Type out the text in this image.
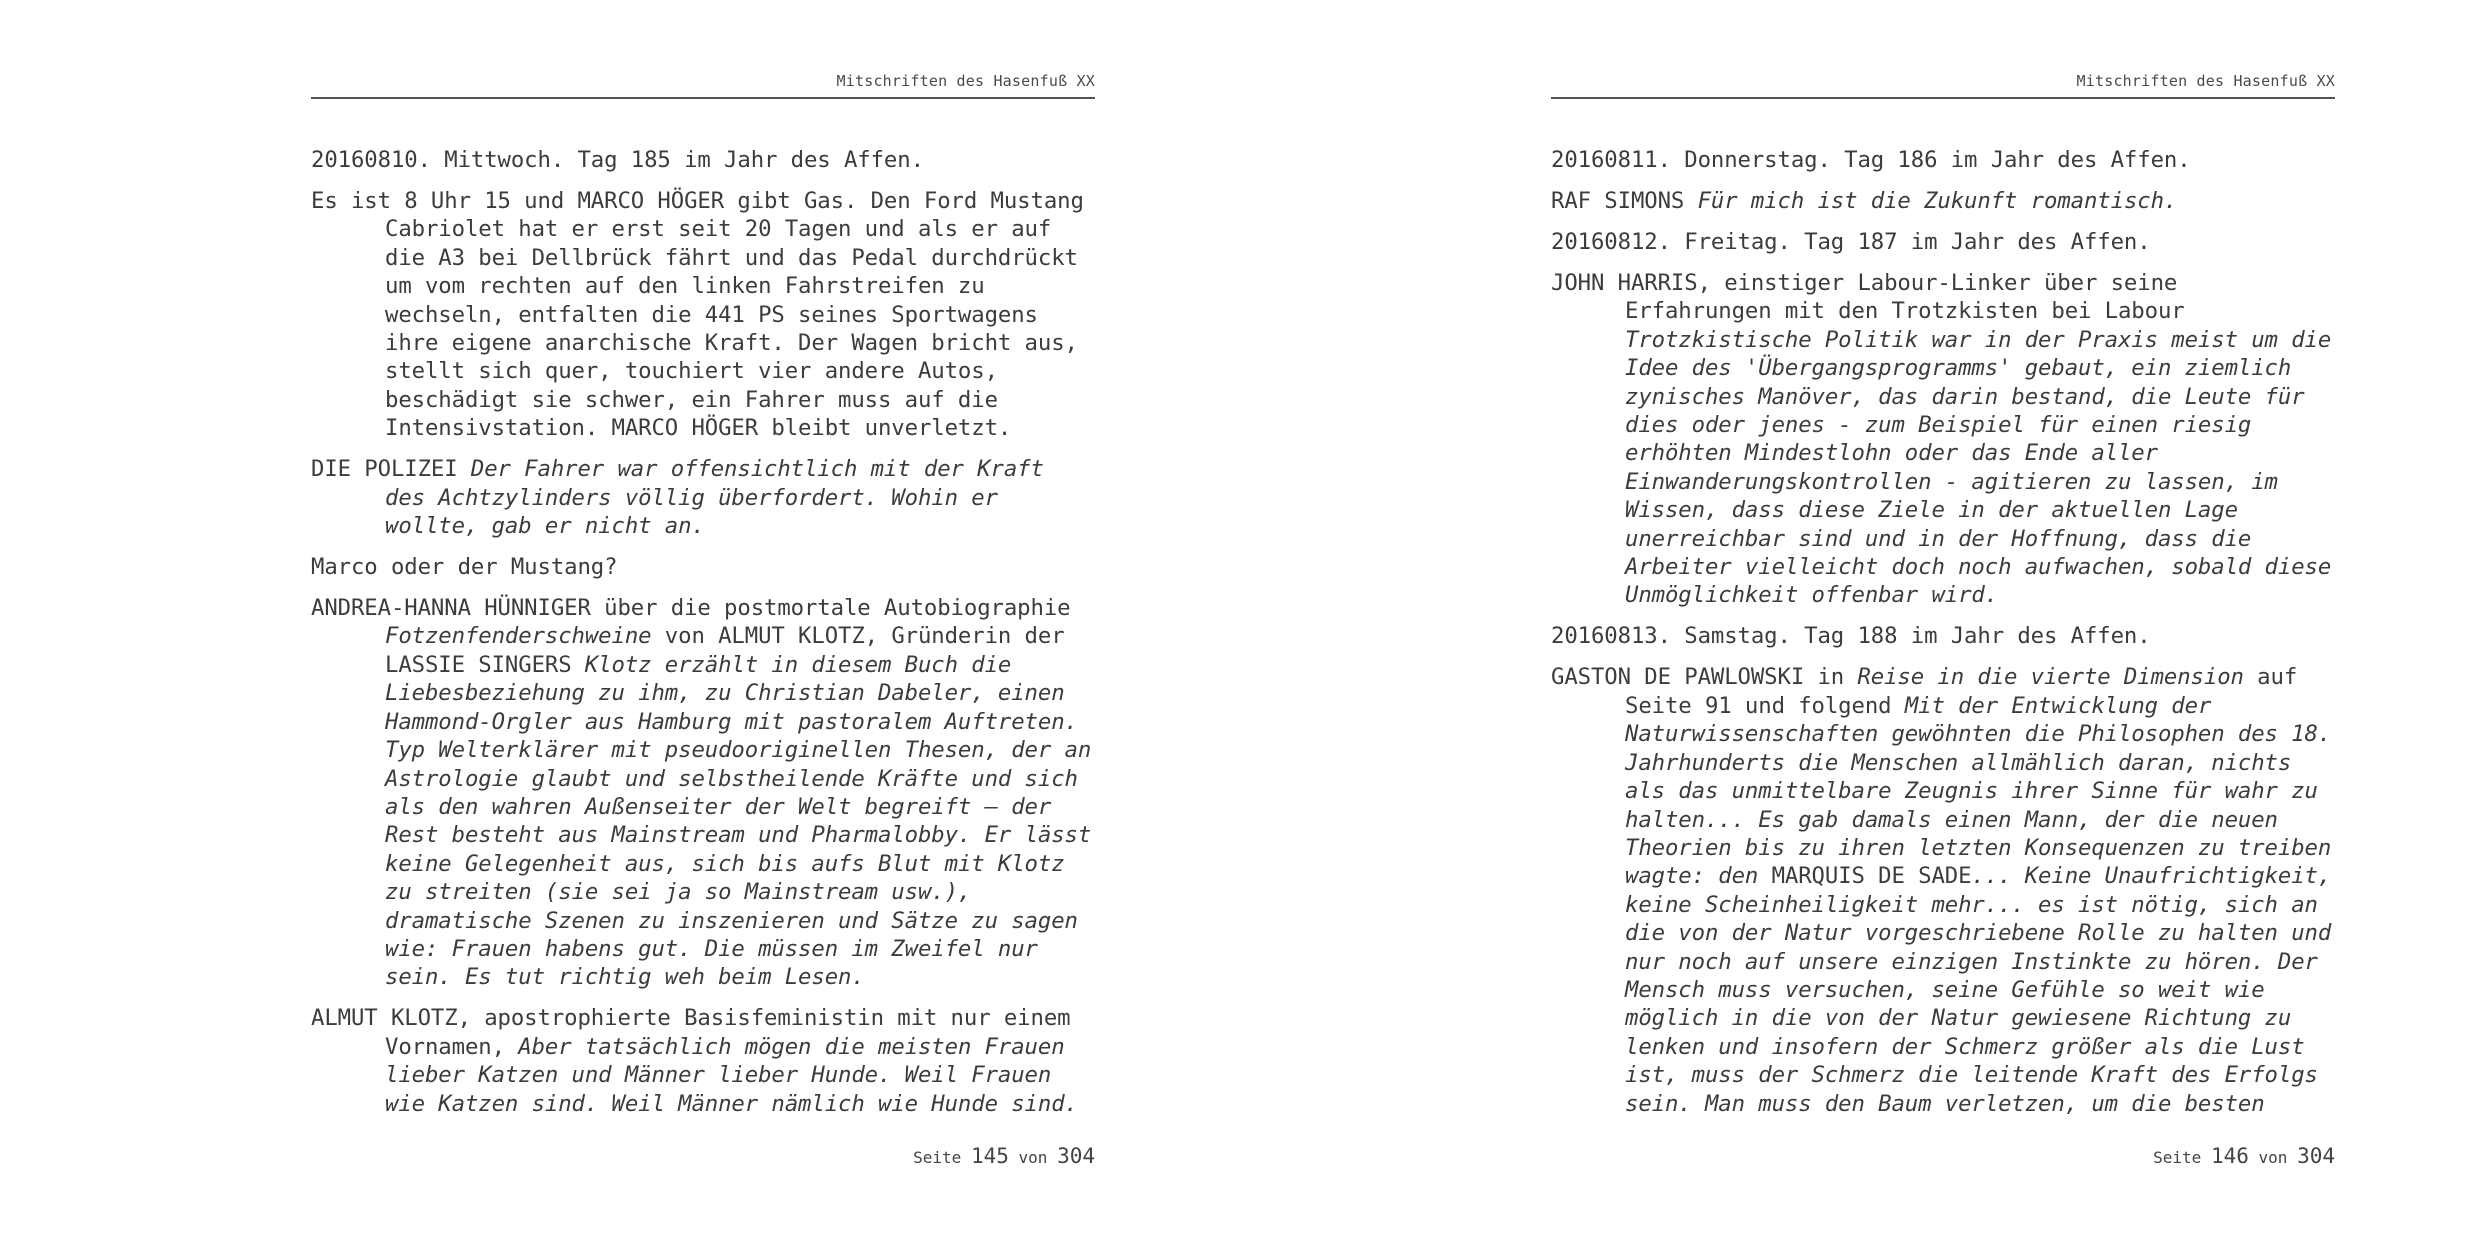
Mitschriften des Hasenfuß XX

20160810. Mittwoch. Tag 185 im Jahr des Affen.

Es ist 8 Uhr 15 und MARCO HÖGER gibt Gas. Den Ford Mustang Cabriolet hat er erst seit 20 Tagen und als er auf die A3 bei Dellbrück fährt und das Pedal durchdrückt um vom rechten auf den linken Fahrstreifen zu wechseln, entfalten die 441 PS seines Sportwagens ihre eigene anarchische Kraft. Der Wagen bricht aus, stellt sich quer, touchiert vier andere Autos, beschädigt sie schwer, ein Fahrer muss auf die Intensivstation. MARCO HÖGER bleibt unverletzt.

DIE POLIZEI Der Fahrer war offensichtlich mit der Kraft des Achtzylinders völlig überfordert. Wohin er wollte, gab er nicht an.

Marco oder der Mustang?

ANDREA-HANNA HÜNNIGER über die postmortale Autobiographie Fotzenfenderschweine von ALMUT KLOTZ, Gründerin der LASSIE SINGERS Klotz erzählt in diesem Buch die Liebesbeziehung zu ihm, zu Christian Dabeler, einen Hammond-Orgler aus Hamburg mit pastoralem Auftreten. Typ Welterklärer mit pseudooriginellen Thesen, der an Astrologie glaubt und selbstheilende Kräfte und sich als den wahren Außenseiter der Welt begreift – der Rest besteht aus Mainstream und Pharmalobby. Er lässt keine Gelegenheit aus, sich bis aufs Blut mit Klotz zu streiten (sie sei ja so Mainstream usw.), dramatische Szenen zu inszenieren und Sätze zu sagen wie: Frauen habens gut. Die müssen im Zweifel nur sein. Es tut richtig weh beim Lesen.

ALMUT KLOTZ, apostrophierte Basisfeministin mit nur einem Vornamen, Aber tatsächlich mögen die meisten Frauen lieber Katzen und Männer lieber Hunde. Weil Frauen wie Katzen sind. Weil Männer nämlich wie Hunde sind.

Seite 145 von 304
Mitschriften des Hasenfuß XX

20160811. Donnerstag. Tag 186 im Jahr des Affen.

RAF SIMONS Für mich ist die Zukunft romantisch.

20160812. Freitag. Tag 187 im Jahr des Affen.

JOHN HARRIS, einstiger Labour-Linker über seine Erfahrungen mit den Trotzkisten bei Labour Trotzkistische Politik war in der Praxis meist um die Idee des 'Übergangsprogramms' gebaut, ein ziemlich zynisches Manöver, das darin bestand, die Leute für dies oder jenes - zum Beispiel für einen riesig erhöhten Mindestlohn oder das Ende aller Einwanderungskontrollen - agitieren zu lassen, im Wissen, dass diese Ziele in der aktuellen Lage unerreichbar sind und in der Hoffnung, dass die Arbeiter vielleicht doch noch aufwachen, sobald diese Unmöglichkeit offenbar wird.

20160813. Samstag. Tag 188 im Jahr des Affen.

GASTON DE PAWLOWSKI in Reise in die vierte Dimension auf Seite 91 und folgend Mit der Entwicklung der Naturwissenschaften gewöhnten die Philosophen des 18. Jahrhunderts die Menschen allmählich daran, nichts als das unmittelbare Zeugnis ihrer Sinne für wahr zu halten... Es gab damals einen Mann, der die neuen Theorien bis zu ihren letzten Konsequenzen zu treiben wagte: den MARQUIS DE SADE... Keine Unaufrichtigkeit, keine Scheinheiligkeit mehr... es ist nötig, sich an die von der Natur vorgeschriebene Rolle zu halten und nur noch auf unsere einzigen Instinkte zu hören. Der Mensch muss versuchen, seine Gefühle so weit wie möglich in die von der Natur gewiesene Richtung zu lenken und insofern der Schmerz größer als die Lust ist, muss der Schmerz die leitende Kraft des Erfolgs sein. Man muss den Baum verletzen, um die besten

Seite 146 von 304
